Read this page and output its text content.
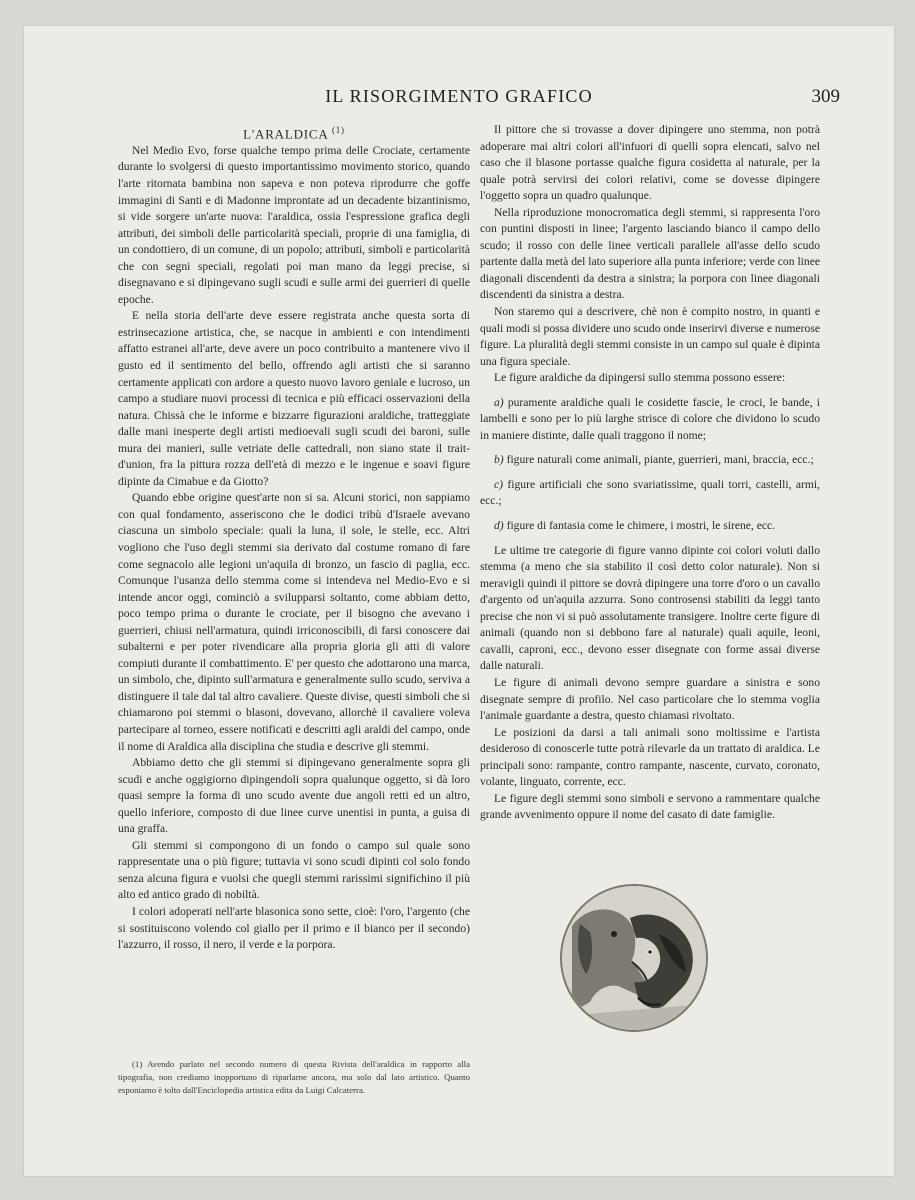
IL RISORGIMENTO GRAFICO	309

L'ARALDICA $^{(1)}$

Nel Medio Evo, forse qualche tempo prima delle Crociate, certamente durante lo svolgersi di questo importantissimo movimento storico, quando l'arte ritornata bambina non sapeva e non poteva riprodurre che goffe immagini di Santi e di Madonne improntate ad un decadente bizantinismo, si vide sorgere un'arte nuova: l'araldica, ossia l'espressione grafica degli attributi, dei simboli delle particolarità speciali, proprie di una famiglia, di un condottiero, di un comune, di un popolo; attributi, simboli e particolarità che con segni speciali, regolati poi man mano da leggi precise, si disegnavano e si dipingevano sugli scudi e sulle armi dei guerrieri di quelle epoche.

E nella storia dell'arte deve essere registrata anche questa sorta di estrinsecazione artistica, che, se nacque in ambienti e con intendimenti affatto estranei all'arte, deve avere un poco contribuito a mantenere vivo il gusto ed il sentimento del bello, offrendo agli artisti che si saranno certamente applicati con ardore a questo nuovo lavoro geniale e lucroso, un campo a studiare nuovi processi di tecnica e più efficaci osservazioni della natura. Chissà che le informe e bizzarre figurazioni araldiche, tratteggiate dalle mani inesperte degli artisti medioevali sugli scudi dei baroni, sulle mura dei manieri, sulle vetriate delle cattedrali, non siano state il trait-d'union, fra la pittura rozza dell'età di mezzo e le ingenue e soavi figure dipinte da Cimabue e da Giotto?

Quando ebbe origine quest'arte non si sa. Alcuni storici, non sappiamo con qual fondamento, asseriscono che le dodici tribù d'Israele avevano ciascuna un simbolo speciale: quali la luna, il sole, le stelle, ecc. Altri vogliono che l'uso degli stemmi sia derivato dal costume romano di fare come segnacolo alle legioni un'aquila di bronzo, un fascio di paglia, ecc. Comunque l'usanza dello stemma come si intendeva nel Medio-Evo e si intende ancor oggi, cominciò a svilupparsi soltanto, come abbiam detto, poco tempo prima o durante le crociate, per il bisogno che avevano i guerrieri, chiusi nell'armatura, quindi irriconoscibili, di farsi conoscere dai subalterni e per poter rivendicare alla propria gloria gli atti di valore compiuti durante il combattimento. E' per questo che adottarono una marca, un simbolo, che, dipinto sull'armatura e generalmente sullo scudo, serviva a distinguere il tale dal tal altro cavaliere. Queste divise, questi simboli che si chiamarono poi stemmi o blasoni, dovevano, allorchè il cavaliere voleva partecipare al torneo, essere notificati e descritti agli araldi del campo, onde il nome di Araldica alla disciplina che studia e descrive gli stemmi.

Abbiamo detto che gli stemmi si dipingevano generalmente sopra gli scudi e anche oggigiorno dipingendoli sopra qualunque oggetto, si dà loro quasi sempre la forma di uno scudo avente due angoli retti ed un altro, quello inferiore, composto di due linee curve unentisi in punta, a guisa di una graffa.

Gli stemmi si compongono di un fondo o campo sul quale sono rappresentate una o più figure; tuttavia vi sono scudi dipinti col solo fondo senza alcuna figura e vuolsi che quegli stemmi rarissimi significhino il più alto ed antico grado di nobiltà.

I colori adoperati nell'arte blasonica sono sette, cioè: l'oro, l'argento (che si sostituiscono volendo col giallo per il primo e il bianco per il secondo) l'azzurro, il rosso, il nero, il verde e la porpora.

Il pittore che si trovasse a dover dipingere uno stemma, non potrà adoperare mai altri colori all'infuori di quelli sopra elencati, salvo nel caso che il blasone portasse qualche figura cosidetta al naturale, per la quale potrà servirsi dei colori relativi, come se dovesse dipingere l'oggetto sopra un quadro qualunque.

Nella riproduzione monocromatica degli stemmi, si rappresenta l'oro con puntini disposti in linee; l'argento lasciando bianco il campo dello scudo; il rosso con delle linee verticali parallele all'asse dello scudo partente dalla metà del lato superiore alla punta inferiore; verde con linee diagonali discendenti da destra a sinistra; la porpora con linee diagonali discendenti da sinistra a destra.

Non staremo qui a descrivere, chè non è compito nostro, in quanti e quali modi si possa dividere uno scudo onde inserirvi diverse e numerose figure. La pluralità degli stemmi consiste in un campo sul quale è dipinta una figura speciale.

Le figure araldiche da dipingersi sullo stemma possono essere:

a) puramente araldiche quali le cosidette fascie, le croci, le bande, i lambelli e sono per lo più larghe strisce di colore che dividono lo scudo in maniere distinte, dalle quali traggono il nome;

b) figure naturali come animali, piante, guerrieri, mani, braccia, ecc.;

c) figure artificiali che sono svariatissime, quali torri, castelli, armi, ecc.;

d) figure di fantasia come le chimere, i mostri, le sirene, ecc.

Le ultime tre categorie di figure vanno dipinte coi colori voluti dallo stemma (a meno che sia stabilito il così detto color naturale). Non si meravigli quindi il pittore se dovrà dipingere una torre d'oro o un cavallo d'argento od un'aquila azzurra. Sono controsensi stabiliti da leggi tanto precise che non vi si può assolutamente transigere. Inoltre certe figure di animali (quando non si debbono fare al naturale) quali aquile, leoni, cavalli, caproni, ecc., devono esser disegnate con forme assai diverse dalle naturali.

Le figure di animali devono sempre guardare a sinistra e sono disegnate sempre di profilo. Nel caso particolare che lo stemma voglia l'animale guardante a destra, questo chiamasi rivoltato.

Le posizioni da darsi a tali animali sono moltissime e l'artista desideroso di conoscerle tutte potrà rilevarle da un trattato di araldica. Le principali sono: rampante, contro rampante, nascente, curvato, coronato, volante, linguato, corrente, ecc.

Le figure degli stemmi sono simboli e servono a rammentare qualche grande avvenimento oppure il nome del casato di date famiglie.

(1) Avendo parlato nel secondo numero di questa Rivista dell'araldica in rapporto alla tipografia, non crediamo inopportuno di riparlarne ancora, ma solo dal lato artistico. Quanto esponiamo è tolto dall'Enciclopedia artistica edita da Luigi Calcaterra.
